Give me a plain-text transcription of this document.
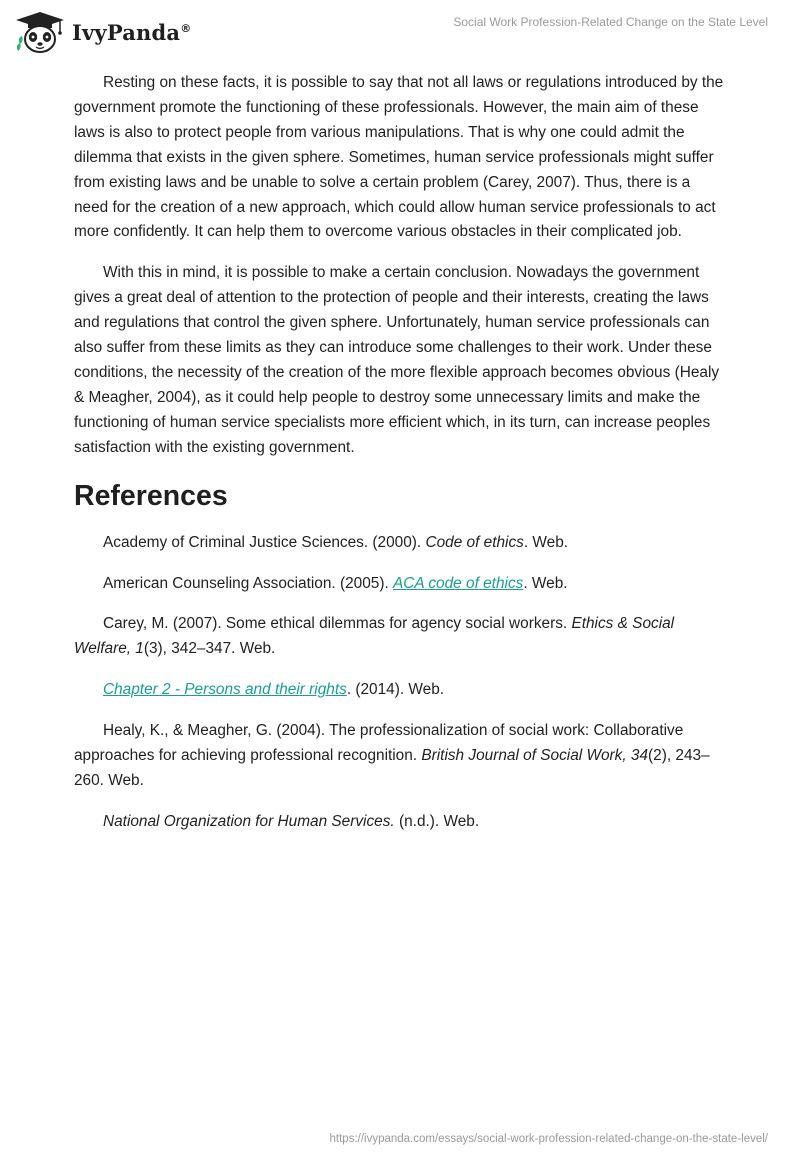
IvyPanda®	Social Work Profession-Related Change on the State Level

Resting on these facts, it is possible to say that not all laws or regulations introduced by the government promote the functioning of these professionals. However, the main aim of these laws is also to protect people from various manipulations. That is why one could admit the dilemma that exists in the given sphere. Sometimes, human service professionals might suffer from existing laws and be unable to solve a certain problem (Carey, 2007). Thus, there is a need for the creation of a new approach, which could allow human service professionals to act more confidently. It can help them to overcome various obstacles in their complicated job.

With this in mind, it is possible to make a certain conclusion. Nowadays the government gives a great deal of attention to the protection of people and their interests, creating the laws and regulations that control the given sphere. Unfortunately, human service professionals can also suffer from these limits as they can introduce some challenges to their work. Under these conditions, the necessity of the creation of the more flexible approach becomes obvious (Healy & Meagher, 2004), as it could help people to destroy some unnecessary limits and make the functioning of human service specialists more efficient which, in its turn, can increase peoples satisfaction with the existing government.

References

Academy of Criminal Justice Sciences. (2000). Code of ethics. Web.

American Counseling Association. (2005). ACA code of ethics. Web.

Carey, M. (2007). Some ethical dilemmas for agency social workers. Ethics & Social Welfare, 1(3), 342–347. Web.

Chapter 2 - Persons and their rights. (2014). Web.

Healy, K., & Meagher, G. (2004). The professionalization of social work: Collaborative approaches for achieving professional recognition. British Journal of Social Work, 34(2), 243–260. Web.

National Organization for Human Services. (n.d.). Web.

https://ivypanda.com/essays/social-work-profession-related-change-on-the-state-level/
